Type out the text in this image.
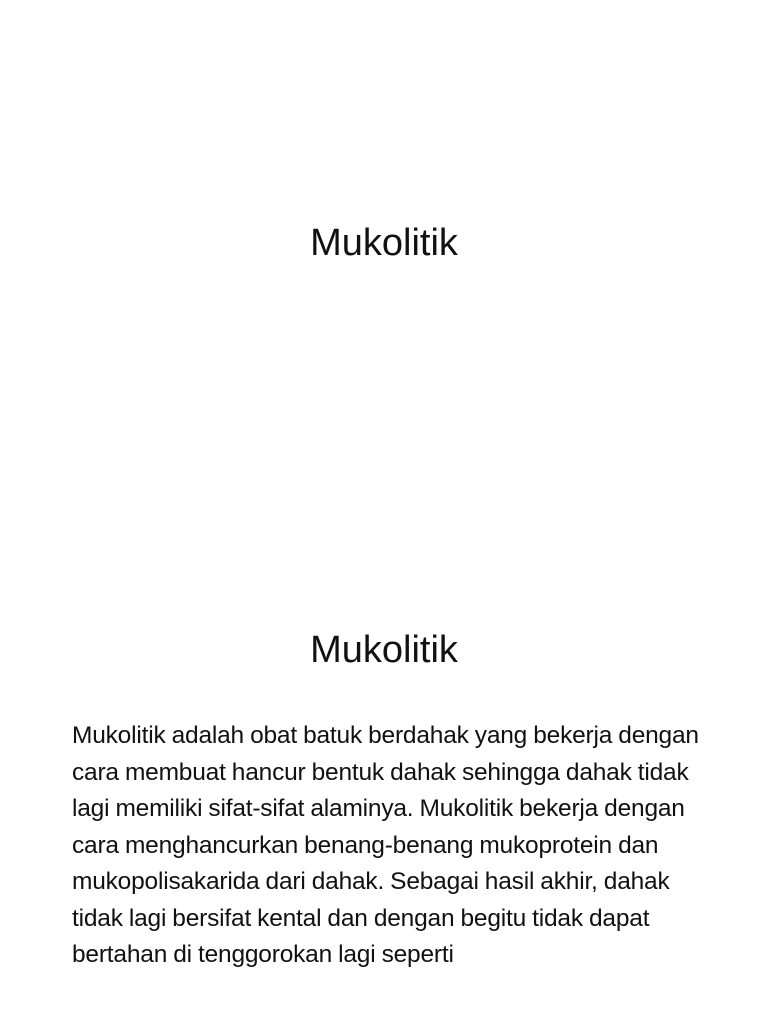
Mukolitik
Mukolitik

Mukolitik adalah obat batuk berdahak yang bekerja dengan cara membuat hancur bentuk dahak sehingga dahak tidak lagi memiliki sifat-sifat alaminya. Mukolitik bekerja dengan cara menghancurkan benang-benang mukoprotein dan mukopolisakarida dari dahak. Sebagai hasil akhir, dahak tidak lagi bersifat kental dan dengan begitu tidak dapat bertahan di tenggorokan lagi seperti
